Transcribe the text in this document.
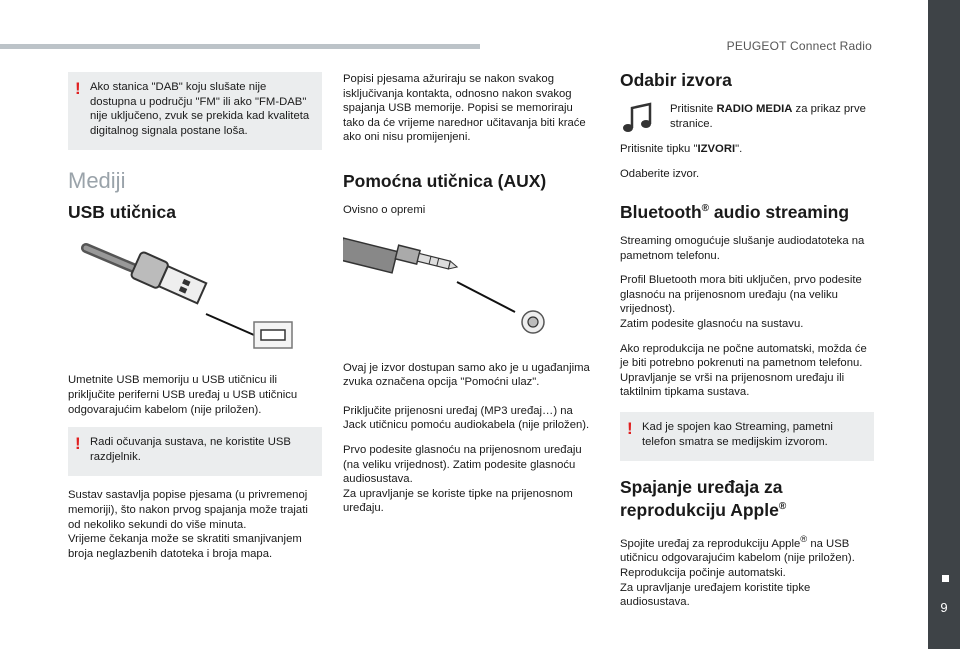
PEUGEOT Connect Radio
9
! Ako stanica "DAB" koju slušate nije dostupna u području "FM" ili ako "FM-DAB" nije uključeno, zvuk se prekida kad kvaliteta digitalnog signala postane loša.

Mediji
USB utičnica

Umetnite USB memoriju u USB utičnicu ili priključite periferni USB uređaj u USB utičnicu odgovarajućim kabelom (nije priložen).

! Radi očuvanja sustava, ne koristite USB razdjelnik.

Sustav sastavlja popise pjesama (u privremenoj memoriji), što nakon prvog spajanja može trajati od nekoliko sekundi do više minuta.

Vrijeme čekanja može se skratiti smanjivanjem broja neglazbenih datoteka i broja mapa.

Popisi pjesama ažuriraju se nakon svakog isključivanja kontakta, odnosno nakon svakog spajanja USB memorije. Popisi se memoriraju tako da će vrijeme naredног učitavanja biti kraće ako oni nisu promijenjeni.

Pomoćna utičnica (AUX)

Ovisno o opremi

Ovaj je izvor dostupan samo ako je u uga​đanjima zvuka označena opcija "Pomoćni ulaz".

Priključite prijenosni uređaj (MP3 uređaj…) na Jack utičnicu pomoću audiokabela (nije priložen).

Prvo podesite glasnoću na prijenosnom uređaju (na veliku vrijednost). Zatim podesite glasnoću audiosustava.

Za upravljanje se koriste tipke na prijenosnom uređaju.

Odabir izvora

Pritisnite RADIO MEDIA za prikaz prve stranice.

Pritisnite tipku "IZVORI".

Odaberite izvor.

Bluetooth® audio streaming

Streaming omogućuje slušanje audiodatoteka na pametnom telefonu.

Profil Bluetooth mora biti uključen, prvo podesite glasnoću na prijenosnom uređaju (na veliku vrijednost).

Zatim podesite glasnoću na sustavu.

Ako reprodukcija ne počne automatski, možda će je biti potrebno pokrenuti na pametnom telefonu.

Upravljanje se vrši na prijenosnom uređaju ili taktilnim tipkama sustava.

! Kad je spojen kao Streaming, pametni telefon smatra se medijskim izvorom.

Spajanje uređaja za reprodukciju Apple®

Spojite uređaj za reprodukciju Apple® na USB utičnicu odgovarajućim kabelom (nije priložen).

Reprodukcija počinje automatski.

Za upravljanje uređajem koristite tipke audiosustava.
